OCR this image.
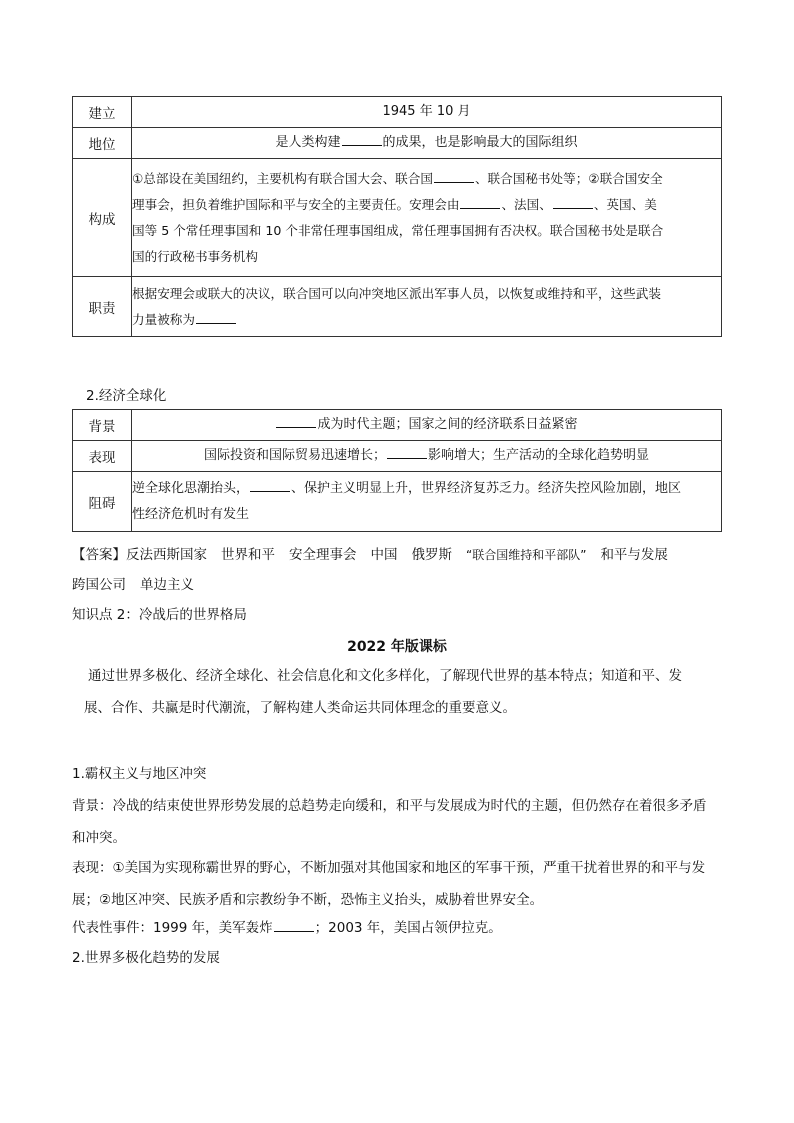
建立	1945 年 10 月
地位	是人类构建 的成果，也是影响最大的国际组织
构成	①总部设在美国纽约，主要机构有联合国大会、联合国 、联合国秘书处等；②联合国安全
理事会，担负着维护国际和平与安全的主要责任。安理会由 、法国、 、英国、美
国等 5 个常任理事国和 10 个非常任理事国组成，常任理事国拥有否决权。联合国秘书处是联合
国的行政秘书事务机构
职责	根据安理会或联大的决议，联合国可以向冲突地区派出军事人员，以恢复或维持和平，这些武装
力量被称为
2.经济全球化
背景	成为时代主题；国家之间的经济联系日益紧密
表现	国际投资和国际贸易迅速增长； 影响增大；生产活动的全球化趋势明显
阻碍	逆全球化思潮抬头， 、保护主义明显上升，世界经济复苏乏力。经济失控风险加剧，地区
性经济危机时有发生
【答案】反法西斯国家 世界和平 安全理事会 中国 俄罗斯 “联合国维持和平部队” 和平与发展
跨国公司 单边主义
知识点 2：冷战后的世界格局
2022 年版课标
通过世界多极化、经济全球化、社会信息化和文化多样化，了解现代世界的基本特点；知道和平、发
展、合作、共赢是时代潮流，了解构建人类命运共同体理念的重要意义。
1.霸权主义与地区冲突
背景：冷战的结束使世界形势发展的总趋势走向缓和，和平与发展成为时代的主题，但仍然存在着很多矛盾
和冲突。
表现：①美国为实现称霸世界的野心，不断加强对其他国家和地区的军事干预，严重干扰着世界的和平与发
展；②地区冲突、民族矛盾和宗教纷争不断，恐怖主义抬头，威胁着世界安全。
代表性事件：1999 年，美军轰炸	；2003 年，美国占领伊拉克。
2.世界多极化趋势的发展
